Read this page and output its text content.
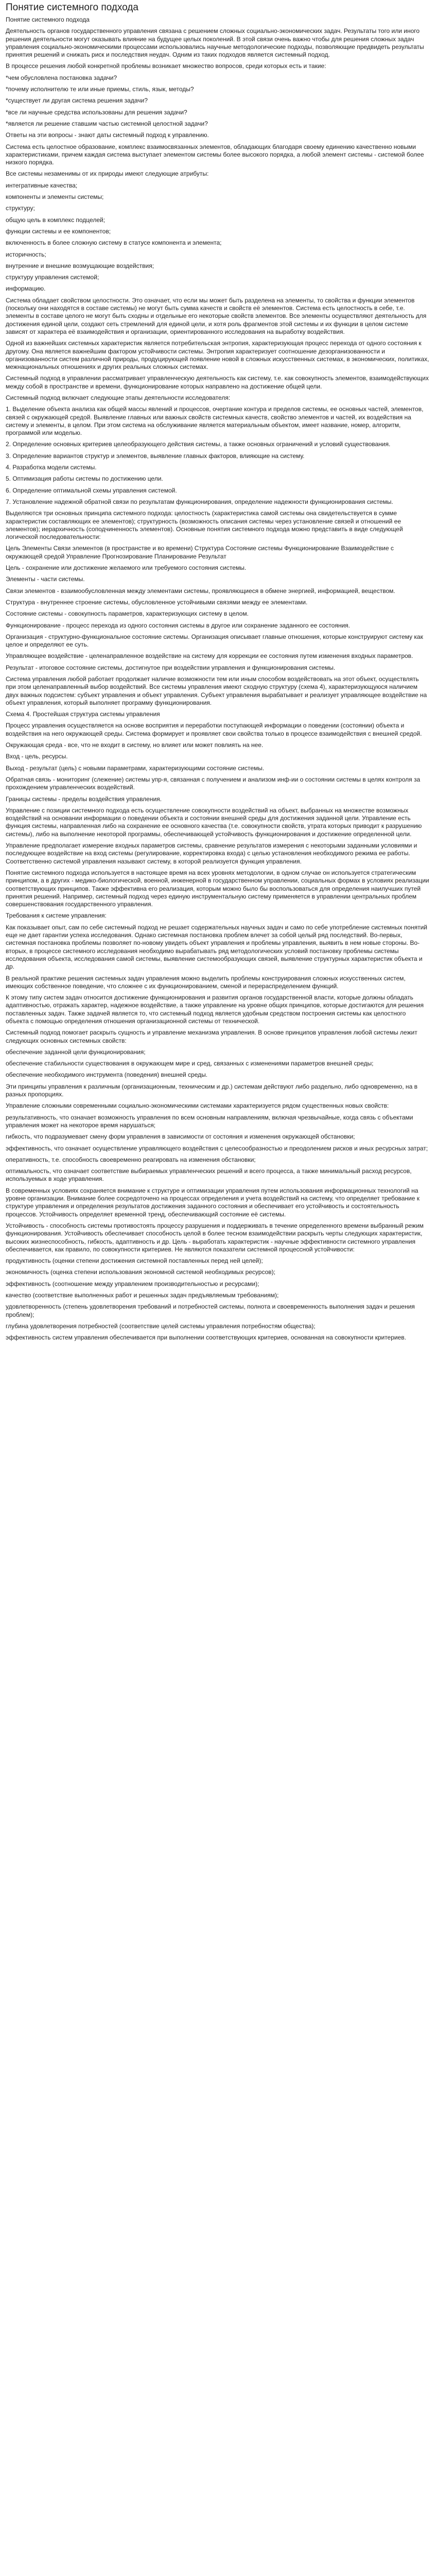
Понятие системного подхода

Понятие системного подхода

Деятельность органов государственного управления связана с решением сложных социально-экономических задач. Результаты того или иного решения деятельности могут оказывать влияние на будущее целых поколений. В этой связи очень важно чтобы для решения сложных задач управления социально-экономическими процессами использовались научные методологические подходы, позволяющие предвидеть результаты принятия решений и снижать риск и последствия неудач. Одним из таких подходов является системный подход.

В процессе решения любой конкретной проблемы возникает множество вопросов, среди которых есть и такие:

*чем обусловлена постановка задачи?

*почему исполнителю те или иные приемы, стиль, язык, методы?

*существует ли другая система решения задачи?

*все ли научные средства использованы для решения задачи?

*является ли решение ставшим частью системной целостной задачи?

Ответы на эти вопросы - знают даты системный подход к управлению.

Система есть целостное образование, комплекс взаимосвязанных элементов, обладающих благодаря своему единению качественно новыми характеристиками, причем каждая система выступает элементом системы более высокого порядка, а любой элемент системы - системой более низкого порядка.

Все системы незаменимы от их природы имеют следующие атрибуты:

интегративные качества;

компоненты и элементы системы;

структуру;

общую цель в комплекс подцелей;

функции системы и ее компонентов;

включенность в более сложную систему в статусе компонента и элемента;

историчность;

внутренние и внешние возмущающие воздействия;

структуру управления системой;

информацию.

Система обладает свойством целостности. Это означает, что если мы может быть разделена на элементы, то свойства и функции элементов (поскольку они находятся в составе системы) не могут быть сумма качеств и свойств её элементов. Система есть целостность в себе, т.е. элементы в составе целого не могут быть сходны и отдельные его некоторые свойств элементов. Все элементы осуществляют деятельность для достижения единой цели, создают сеть стремлений для единой цели, и хотя роль фрагментов этой системы и их функции в целом системе зависят от характера её взаимодействия и организации, ориентированного исследования на выработку воздействия.

Одной из важнейших системных характеристик является потребительская энтропия, характеризующая процесс перехода от одного состояния к другому. Она является важнейшим фактором устойчивости системы. Энтропия характеризует соотношение дезорганизованности и организованности систем различной природы, продуцирующей появление новой в сложных искусственных системах, в экономических, политиках, межнациональных отношениях и других реальных сложных системах.

Системный подход в управлении рассматривает управленческую деятельность как систему, т.е. как совокупность элементов, взаимодействующих между собой в пространстве и времени, функционирование которых направлено на достижение общей цели.

Системный подход включает следующие этапы деятельности исследователя:

1. Выделение объекта анализа как общей массы явлений и процессов, очертание контура и пределов системы, ее основных частей, элементов, связей с окружающей средой. Выявление главных или важных свойств системных качеств, свойство элементов и частей, их воздействия на систему и элементы, в целом. При этом система на обслуживание является материальным объектом, имеет название, номер, алгоритм, программой или моделью.

2. Определение основных критериев целеобразующего действия системы, а также основных ограничений и условий существования.

3. Определение вариантов структур и элементов, выявление главных факторов, влияющие на систему.

4. Разработка модели системы.

5. Оптимизация работы системы по достижению цели.

6. Определение оптимальной схемы управления системой.

7. Установление надежной обратной связи по результатам функционирования, определение надежности функционирования системы.

Выделяются три основных принципа системного подхода: целостность (характеристика самой системы она свидетельствуется в сумме характеристик составляющих ее элементов); структурность (возможность описания системы через установление связей и отношений ее элементов); иерархичность (соподчиненность элементов). Основные понятия системного подхода можно представить в виде следующей логической последовательности:

Цель Элементы Связи элементов (в пространстве и во времени) Структура Состояние системы Функционирование Взаимодействие с окружающей средой Управление Прогнозирование Планирование Результат

Цель - сохранение или достижение желаемого или требуемого состояния системы.

Элементы - части системы.

Связи элементов - взаимообусловленная между элементами системы, проявляющиеся в обмене энергией, информацией, веществом.

Структура - внутреннее строение системы, обусловленное устойчивыми связями между ее элементами.

Состояние системы - совокупность параметров, характеризующих систему в целом.

Функционирование - процесс перехода из одного состояния системы в другое или сохранение заданного ее состояния.

Организация - структурно-функциональное состояние системы. Организация описывает главные отношения, которые конструируют систему как целое и определяют ее суть.

Управляющее воздействие - целенаправленное воздействие на систему для коррекции ее состояния путем изменения входных параметров.

Результат - итоговое состояние системы, достигнутое при воздействии управления и функционирования системы.

Система управления любой работает продолжает наличие возможности тем или иным способом воздействовать на этот объект, осуществлять при этом целенаправленный выбор воздействий. Все системы управления имеют сходную структуру (схема 4), характеризующуюся наличием двух важных подсистем: субъект управления и объект управления. Субъект управления вырабатывает и реализует управляющее воздействие на объект управления, который выполняет программу функционирования.

Схема 4. Простейшая структура системы управления

Процесс управления осуществляется на основе восприятия и переработки поступающей информации о поведении (состоянии) объекта и воздействия на него окружающей среды. Система формирует и проявляет свои свойства только в процессе взаимодействия с внешней средой.

Окружающая среда - все, что не входит в систему, но влияет или может повлиять на нее.

Вход - цель, ресурсы.

Выход - результат (цель) с новыми параметрами, характеризующими состояние системы.

Обратная связь - мониторинг (слежение) системы упр-я, связанная с получением и анализом инф-ии о состоянии системы в целях контроля за прохождением управленческих воздействий.

Границы системы - пределы воздействия управления.

Управление с позиции системного подхода есть осуществление совокупности воздействий на объект, выбранных на множестве возможных воздействий на основании информации о поведении объекта и состоянии внешней среды для достижения заданной цели. Управление есть функция системы, направленная либо на сохранение ее основного качества (т.е. совокупности свойств, утрата которых приводит к разрушению системы), либо на выполнение некоторой программы, обеспечивающей устойчивость функционирования и достижение определенной цели.

Управление предполагает измерение входных параметров системы, сравнение результатов измерения с некоторыми заданными условиями и последующее воздействие на вход системы (регулирование, корректировка входа) с целью установления необходимого режима ее работы. Соответственно системой управления называют систему, в которой реализуется функция управления.

Понятие системного подхода используется в настоящее время на всех уровнях методологии, в одном случае он используется стратегическим принципом, а в других - медико-биологической, военной, инженерной в государственном управлении, социальных формах в условиях реализации соответствующих принципов. Также эффективна его реализация, которым можно было бы воспользоваться для определения наилучших путей принятия решений. Например, системный подход через единую инструментальную систему применяется в управлении центральных проблем совершенствования государственного управления.

Требования к системе управления:

Как показывает опыт, сам по себе системный подход не решает содержательных научных задач и само по себе употребление системных понятий еще не дает гарантии успеха исследования. Однако системная постановка проблем влечет за собой целый ряд последствий. Во-первых, системная постановка проблемы позволяет по-новому увидеть объект управления и проблемы управления, выявить в нем новые стороны. Во-вторых, в процессе системного исследования необходимо вырабатывать ряд методологических условий постановку проблемы системы исследования объекта, исследования самой системы, выявление системообразующих связей, выявление структурных характеристик объекта и др.

В реальной практике решения системных задач управления можно выделить проблемы конструирования сложных искусственных систем, имеющих собственное поведение, что сложнее с их функционированием, сменой и перераспределением функций.

К этому типу систем задач относится достижение функционирования и развития органов государственной власти, которые должны обладать адаптивностью, отражать характер, надежное воздействие, а также управление на уровне общих принципов, которые достигаются для решения поставленных задач. Также задачей является то, что системный подход является удобным средством построения системы как целостного объекта с помощью определения отношения организационной системы от технической.

Системный подход помогает раскрыть сущность и управление механизма управления. В основе принципов управления любой системы лежит следующих основных системных свойств:

обеспечение заданной цели функционирования;

обеспечение стабильности существования в окружающем мире и сред, связанных с изменениями параметров внешней среды;

обеспечение необходимого инструмента (поведения) внешней среды.

Эти принципы управления к различным (организационным, техническим и др.) системам действуют либо раздельно, либо одновременно, на в разных пропорциях.

Управление сложными современными социально-экономическими системами характеризуется рядом существенных новых свойств:

результативность, что означает возможность управления по всем основным направлениям, включая чрезвычайные, когда связь с объектами управления может на некоторое время нарушаться;

гибкость, что подразумевает смену форм управления в зависимости от состояния и изменения окружающей обстановки;

эффективность, что означает осуществление управляющего воздействия с целесообразностью и преодолением рисков и иных ресурсных затрат;

оперативность, т.е. способность своевременно реагировать на изменения обстановки;

оптимальность, что означает соответствие выбираемых управленческих решений и всего процесса, а также минимальный расход ресурсов, используемых в ходе управления.

В современных условиях сохраняется внимание к структуре и оптимизации управления путем использования информационных технологий на уровне организации. Внимание более сосредоточено на процессах определения и учета воздействий на систему, что определяет требование к структуре управления и определения результатов достижения заданного состояния и обеспечивает его устойчивость и состоятельность процессов. Устойчивость определяет временной тренд, обеспечивающий состояние её системы.

Устойчивость - способность системы противостоять процессу разрушения и поддерживать в течение определенного времени выбранный режим функционирования. Устойчивость обеспечивает способность целой в более тесном взаимодействии раскрыть черты следующих характеристик, высоких жизнеспособность, гибкость, адаптивность и др. Цель - выработать характеристик - научные эффективности системного управления обеспечивается, как правило, по совокупности критериев. Не являются показатели системной процессной устойчивости:

продуктивность (оценки степени достижения системной поставленных перед ней целей);

экономичность (оценка степени использования экономной системой необходимых ресурсов);

эффективность (соотношение между управлением производительностью и ресурсами);

качество (соответствие выполненных работ и решенных задач предъявляемым требованиям);

удовлетворенность (степень удовлетворения требований и потребностей системы, полнота и своевременность выполнения задач и решения проблем);

глубина удовлетворения потребностей (соответствие целей системы управления потребностям общества);

эффективность систем управления обеспечивается при выполнении соответствующих критериев, основанная на совокупности критериев.
